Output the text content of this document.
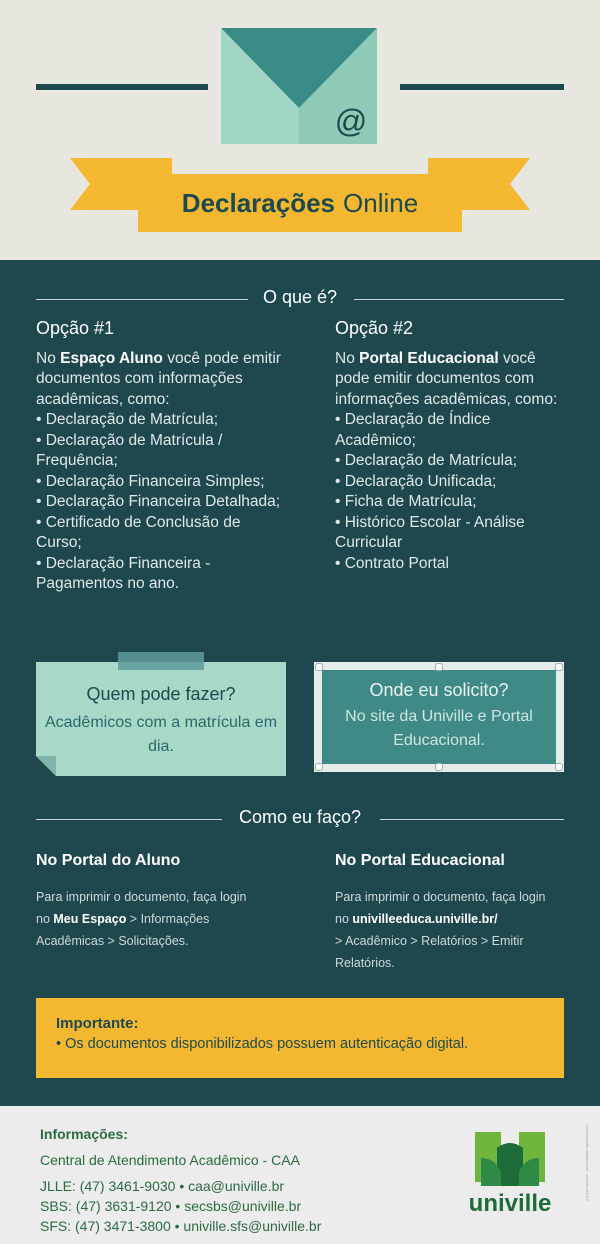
@
Declarações Online
O que é?
Opção #1

No Espaço Aluno você pode emitir documentos com informações
acadêmicas, como:

• Declaração de Matrícula;

• Declaração de Matrícula / Frequência;

• Declaração Financeira Simples;

• Declaração Financeira Detalhada;

• Certificado de Conclusão de Curso;

• Declaração Financeira - Pagamentos no ano.

Opção #2

No Portal Educacional você pode emitir documentos com informações acadêmicas, como:

• Declaração de Índice Acadêmico;

• Declaração de Matrícula;

• Declaração Unificada;

• Ficha de Matrícula;

• Histórico Escolar - Análise Curricular

• Contrato Portal

Quem pode fazer?

Acadêmicos com a matrícula em dia.

Onde eu solicito?

No site da Univille e Portal Educacional.

Como eu faço?
No Portal do Aluno
Para imprimir o documento, faça login
no Meu Espaço > Informações
Acadêmicas > Solicitações.
No Portal Educacional
Para imprimir o documento, faça login
no univilleeduca.univille.br/
> Acadêmico > Relatórios > Emitir
Relatórios.
Importante:

• Os documentos disponibilizados possuem autenticação digital.

Informações:
Central de Atendimento Acadêmico - CAA
JLLE: (47) 3461-9030 • caa@univille.br
SBS: (47) 3631-9120 • secsbs@univille.br
SFS: (47) 3471-3800 • univille.sfs@univille.br
univille
Comunicação Institucional - setembro/2015
